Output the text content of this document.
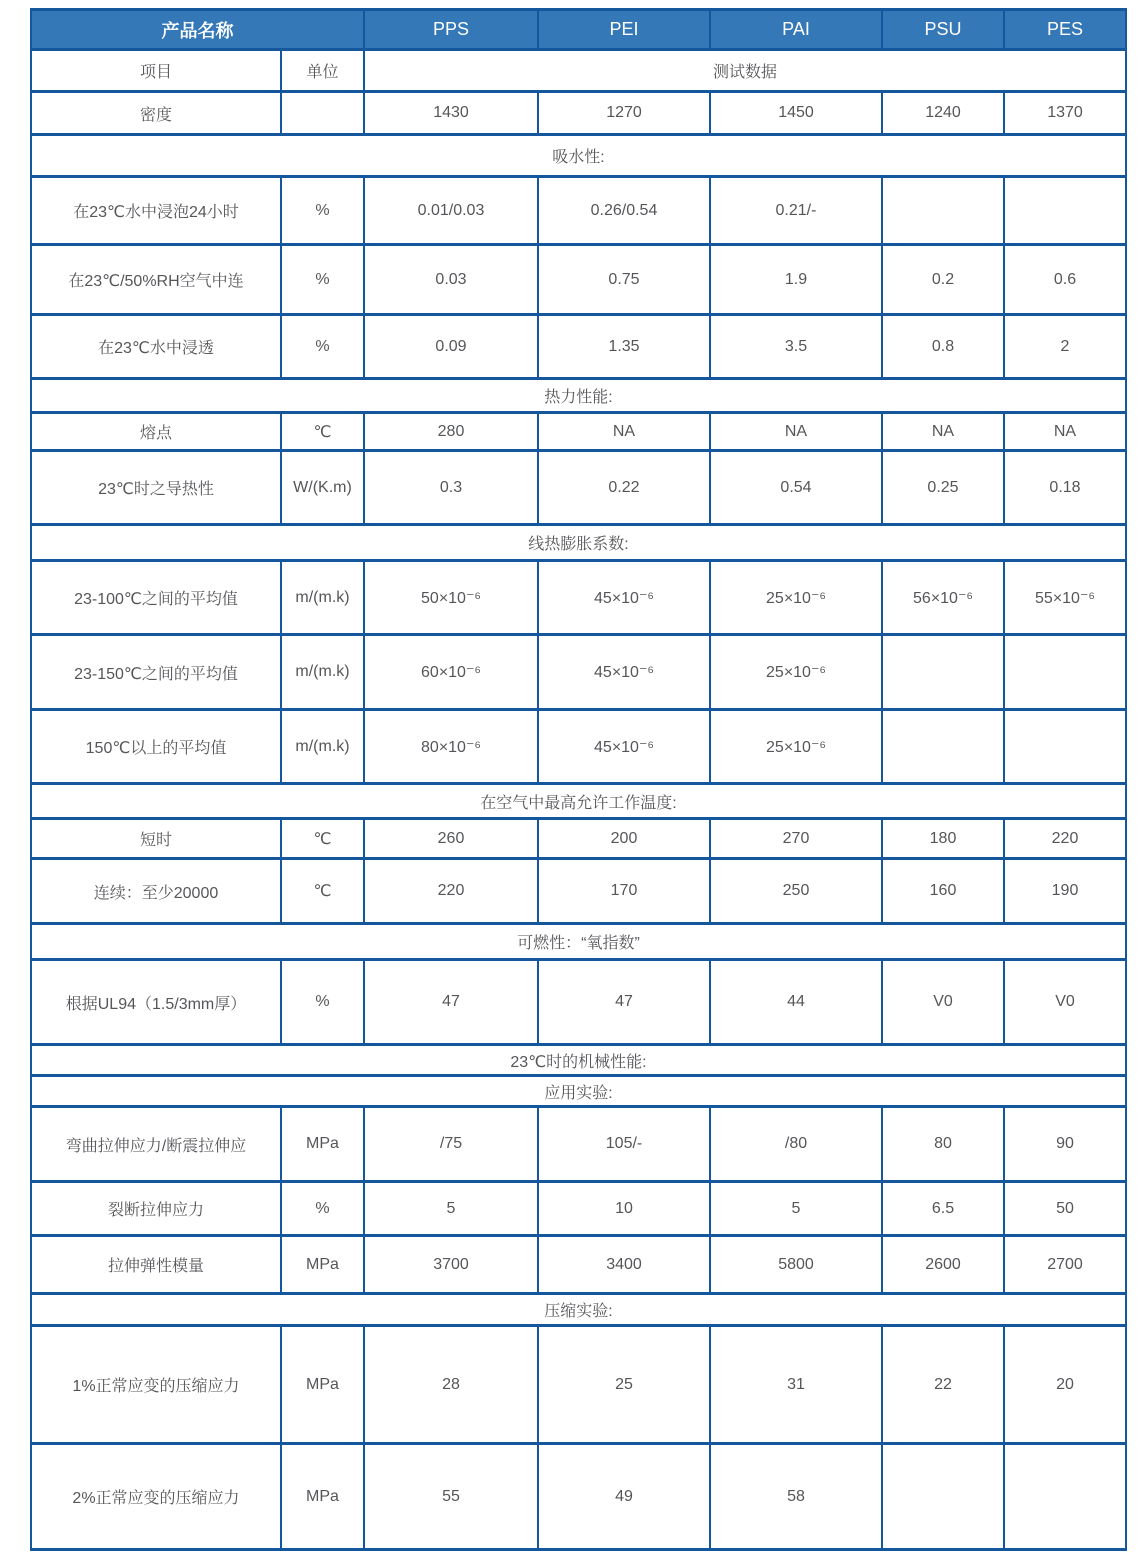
产品名称		PPS	PEI	PAI	PSU	PES
项目	单位	测试数据				
密度		1430	1270	1450	1240	1370
吸水性:						
在23℃水中浸泡24小时	%	0.01/0.03	0.26/0.54	0.21/-		
在23℃/50%RH空气中连	%	0.03	0.75	1.9	0.2	0.6
在23℃水中浸透	%	0.09	1.35	3.5	0.8	2
热力性能:						
熔点	℃	280	NA	NA	NA	NA
23℃时之导热性	W/(K.m)	0.3	0.22	0.54	0.25	0.18
线热膨胀系数:						
23-100℃之间的平均值	m/(m.k)	50×10⁻⁶	45×10⁻⁶	25×10⁻⁶	56×10⁻⁶	55×10⁻⁶
23-150℃之间的平均值	m/(m.k)	60×10⁻⁶	45×10⁻⁶	25×10⁻⁶		
150℃以上的平均值	m/(m.k)	80×10⁻⁶	45×10⁻⁶	25×10⁻⁶		
在空气中最高允许工作温度:						
短时	℃	260	200	270	180	220
连续：至少20000	℃	220	170	250	160	190
可燃性：“氧指数”						
根据UL94（1.5/3mm厚）	%	47	47	44	V0	V0
23℃时的机械性能:						
应用实验:						
弯曲拉伸应力/断震拉伸应	MPa	/75	105/-	/80	80	90
裂断拉伸应力	%	5	10	5	6.5	50
拉伸弹性模量	MPa	3700	3400	5800	2600	2700
压缩实验:						
1%正常应变的压缩应力	MPa	28	25	31	22	20
2%正常应变的压缩应力	MPa	55	49	58		
